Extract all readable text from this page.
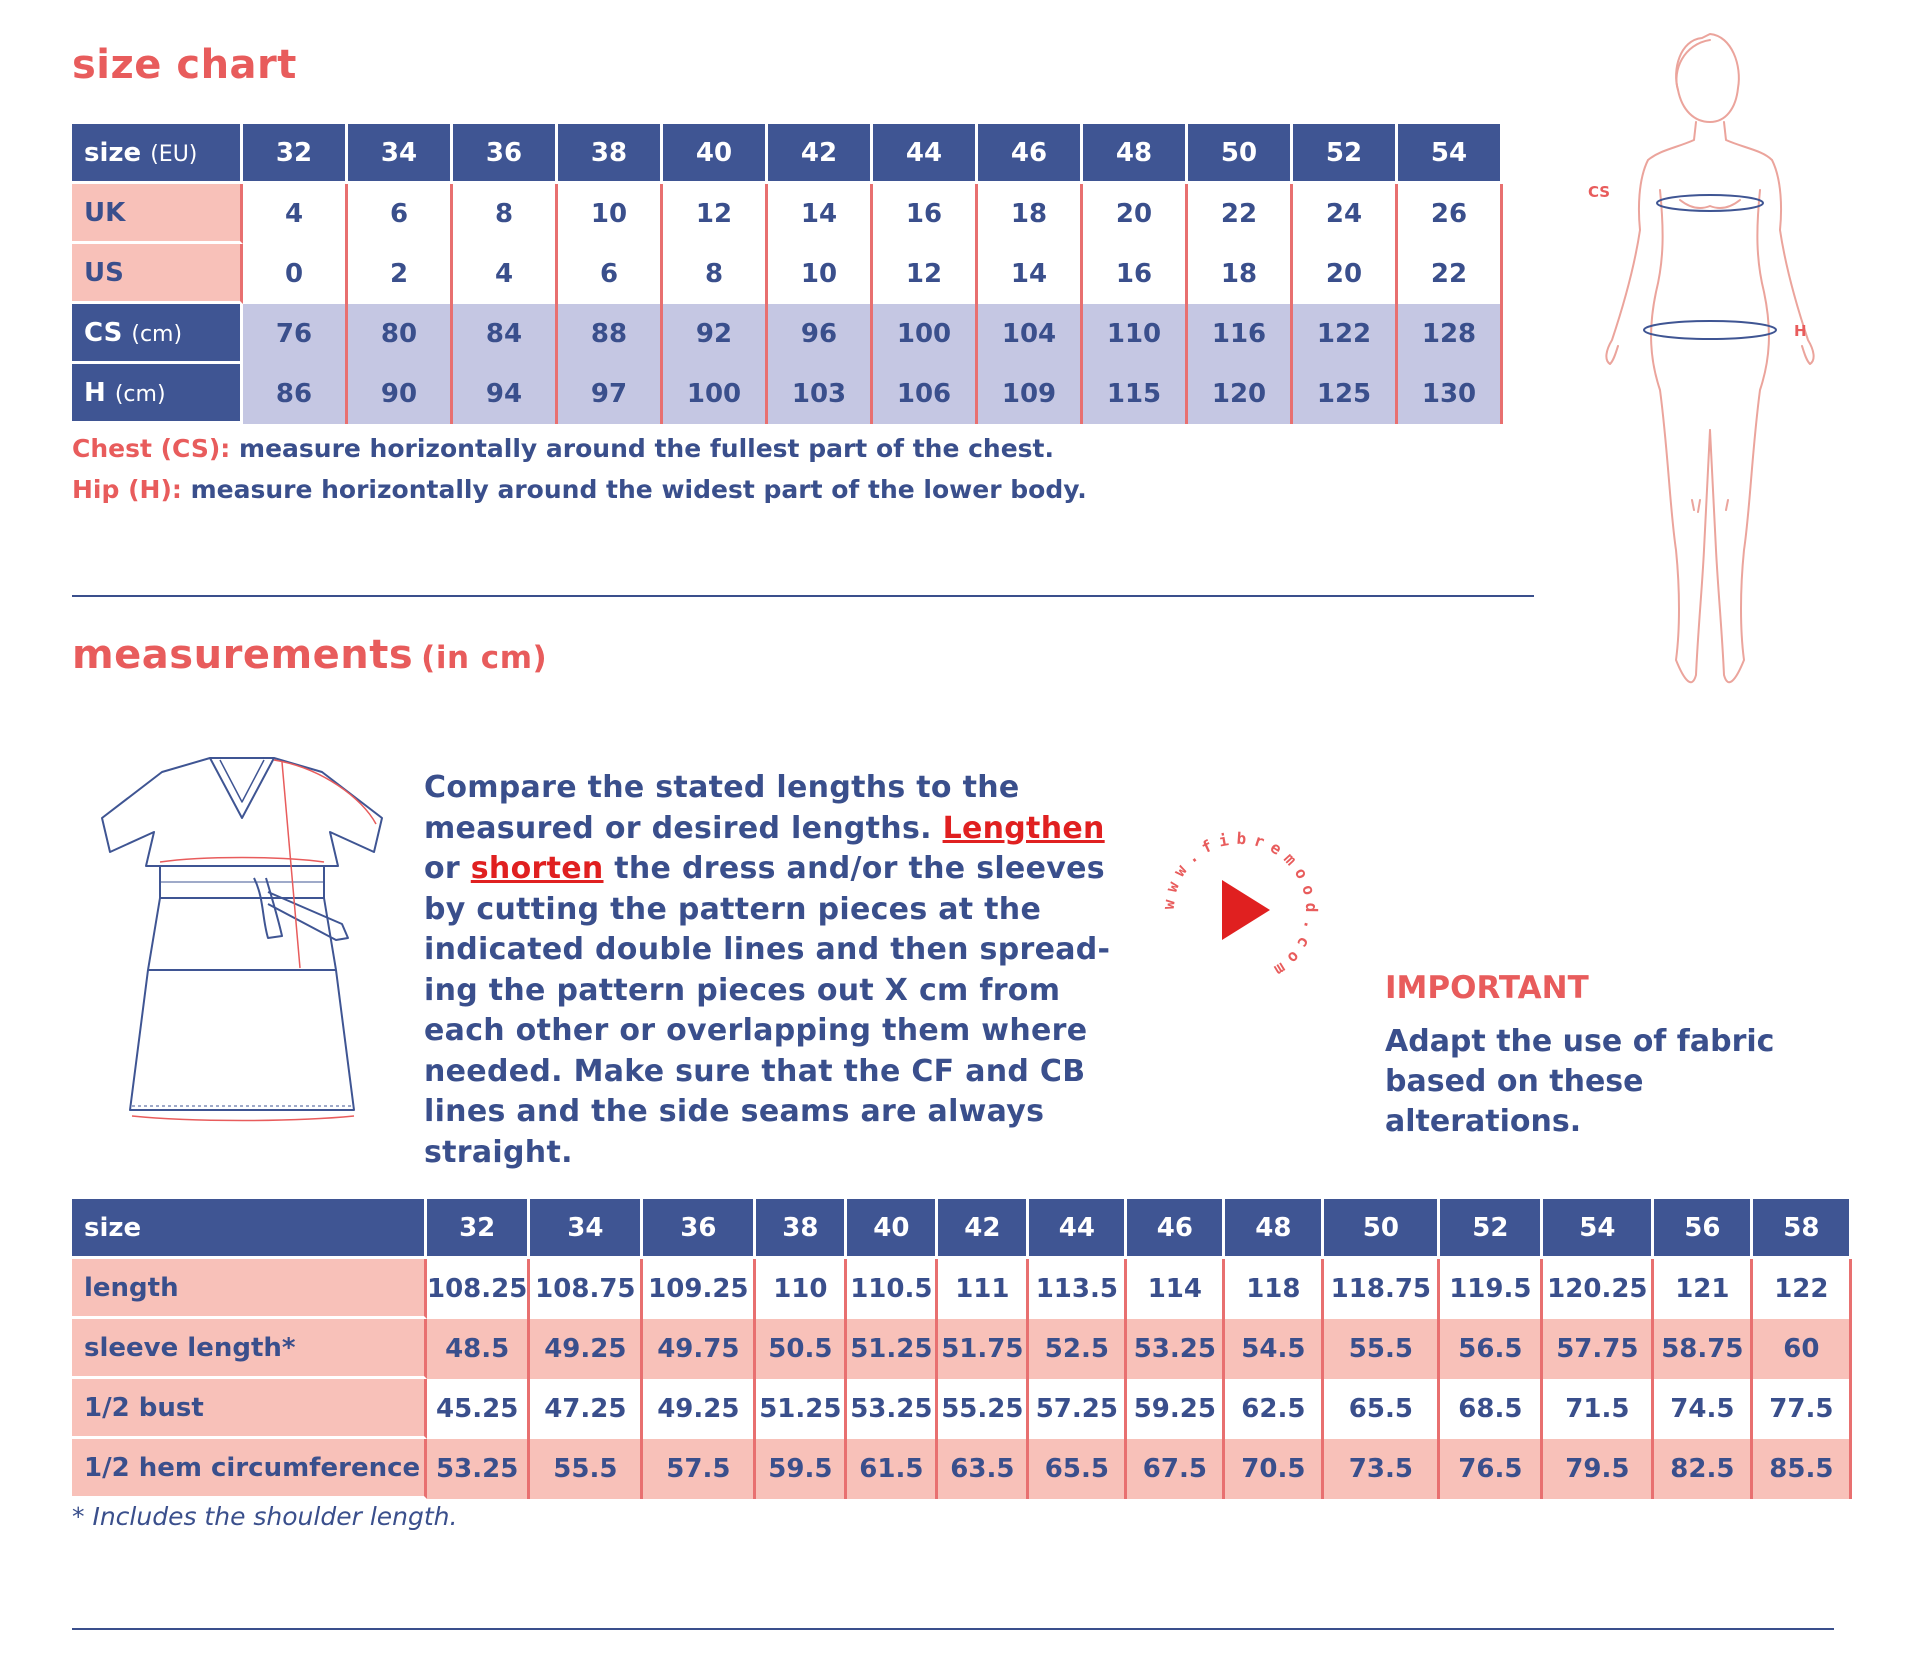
size chart
size (EU)	32	34	36	38	40	42	44	46	48	50	52	54
UK	4	6	8	10	12	14	16	18	20	22	24	26
US	0	2	4	6	8	10	12	14	16	18	20	22
CS (cm)	76	80	84	88	92	96	100	104	110	116	122	128
H (cm)	86	90	94	97	100	103	106	109	115	120	125	130
Chest (CS): measure horizontally around the fullest part of the chest.
Hip (H): measure horizontally around the widest part of the lower body.
CS
H
measurements (in cm)
Compare the stated lengths to the measured or desired lengths. Lengthen or shorten the dress and/or the sleeves by cutting the pattern pieces at the indicated double lines and then spread-ing the pattern pieces out X cm from each other or overlapping them where needed. Make sure that the CF and CB lines and the side seams are always straight.
www.fibremood.com	IMPORTANT
Adapt the use of fabric based on these alterations.
size	32	34	36	38	40	42	44	46	48	50	52	54	56	58
length	108.25	108.75	109.25	110	110.5	111	113.5	114	118	118.75	119.5	120.25	121	122
sleeve length*	48.5	49.25	49.75	50.5	51.25	51.75	52.5	53.25	54.5	55.5	56.5	57.75	58.75	60
1/2 bust	45.25	47.25	49.25	51.25	53.25	55.25	57.25	59.25	62.5	65.5	68.5	71.5	74.5	77.5
1/2 hem circumference	53.25	55.5	57.5	59.5	61.5	63.5	65.5	67.5	70.5	73.5	76.5	79.5	82.5	85.5
* Includes the shoulder length.
